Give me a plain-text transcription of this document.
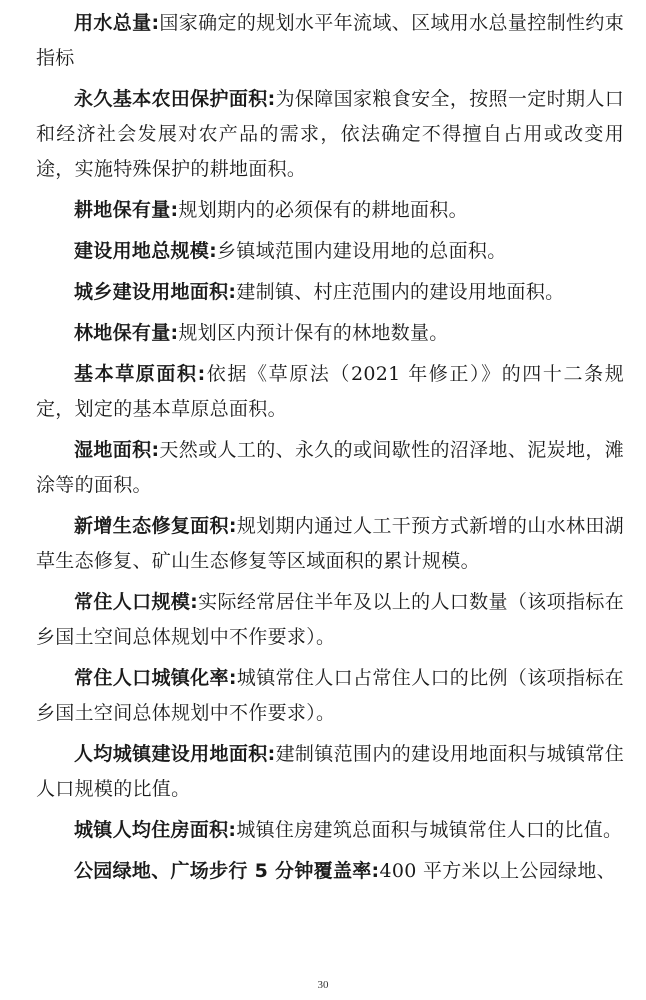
用水总量:国家确定的规划水平年流域、区域用水总量控制性约束指标

永久基本农田保护面积:为保障国家粮食安全，按照一定时期人口和经济社会发展对农产品的需求，依法确定不得擅自占用或改变用途，实施特殊保护的耕地面积。

耕地保有量:规划期内的必须保有的耕地面积。

建设用地总规模:乡镇域范围内建设用地的总面积。

城乡建设用地面积:建制镇、村庄范围内的建设用地面积。

林地保有量:规划区内预计保有的林地数量。

基本草原面积:依据《草原法（2021 年修正）》的四十二条规定，划定的基本草原总面积。

湿地面积:天然或人工的、永久的或间歇性的沼泽地、泥炭地，滩涂等的面积。

新增生态修复面积:规划期内通过人工干预方式新增的山水林田湖草生态修复、矿山生态修复等区域面积的累计规模。

常住人口规模:实际经常居住半年及以上的人口数量（该项指标在乡国土空间总体规划中不作要求）。

常住人口城镇化率:城镇常住人口占常住人口的比例（该项指标在乡国土空间总体规划中不作要求）。

人均城镇建设用地面积:建制镇范围内的建设用地面积与城镇常住人口规模的比值。

城镇人均住房面积:城镇住房建筑总面积与城镇常住人口的比值。

公园绿地、广场步行 5 分钟覆盖率:400 平方米以上公园绿地、

30
